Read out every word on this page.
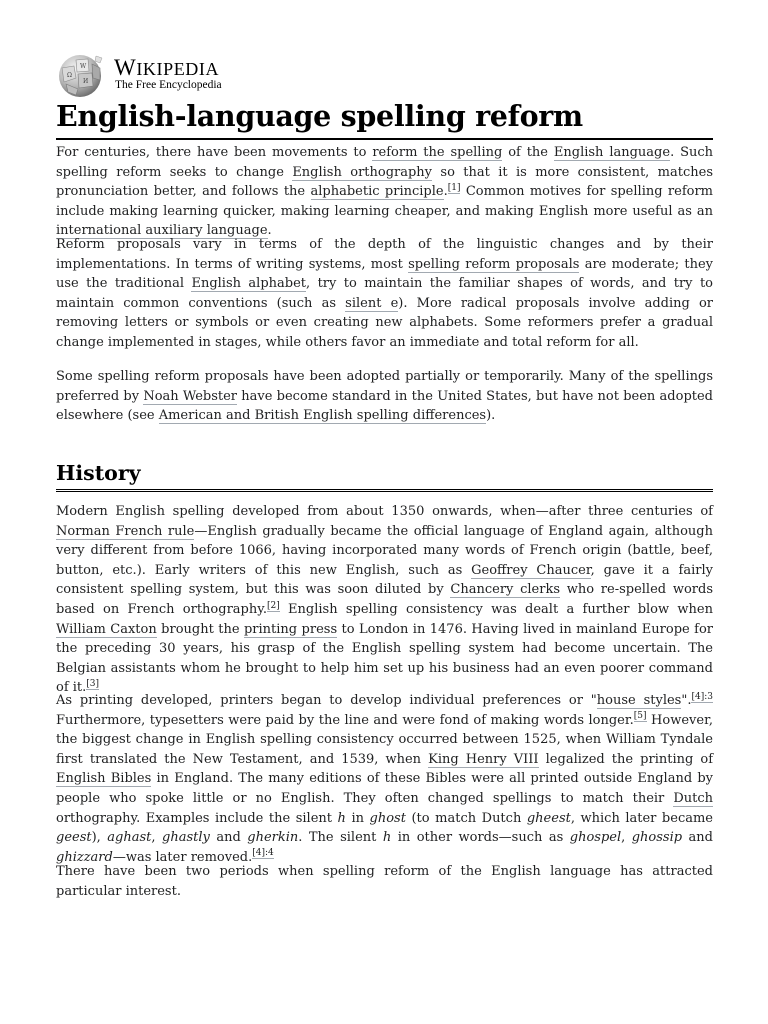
Ω
W
И
WIKIPEDIA
The Free Encyclopedia
English-language spelling reform

For centuries, there have been movements to reform the spelling of the English language. Such spelling reform seeks to change English orthography so that it is more consistent, matches pronunciation better, and follows the alphabetic principle.[1] Common motives for spelling reform include making learning quicker, making learning cheaper, and making English more useful as an international auxiliary language.

Reform proposals vary in terms of the depth of the linguistic changes and by their implementations. In terms of writing systems, most spelling reform proposals are moderate; they use the traditional English alphabet, try to maintain the familiar shapes of words, and try to maintain common conventions (such as silent e). More radical proposals involve adding or removing letters or symbols or even creating new alphabets. Some reformers prefer a gradual change implemented in stages, while others favor an immediate and total reform for all.

Some spelling reform proposals have been adopted partially or temporarily. Many of the spellings preferred by Noah Webster have become standard in the United States, but have not been adopted elsewhere (see American and British English spelling differences).

History

Modern English spelling developed from about 1350 onwards, when—after three centuries of Norman French rule—English gradually became the official language of England again, although very different from before 1066, having incorporated many words of French origin (battle, beef, button, etc.). Early writers of this new English, such as Geoffrey Chaucer, gave it a fairly consistent spelling system, but this was soon diluted by Chancery clerks who re-spelled words based on French orthography.[2] English spelling consistency was dealt a further blow when William Caxton brought the printing press to London in 1476. Having lived in mainland Europe for the preceding 30 years, his grasp of the English spelling system had become uncertain. The Belgian assistants whom he brought to help him set up his business had an even poorer command of it.[3]

As printing developed, printers began to develop individual preferences or "house styles".$^{[4]:3}$ Furthermore, typesetters were paid by the line and were fond of making words longer.[5] However, the biggest change in English spelling consistency occurred between 1525, when William Tyndale first translated the New Testament, and 1539, when King Henry VIII legalized the printing of English Bibles in England. The many editions of these Bibles were all printed outside England by people who spoke little or no English. They often changed spellings to match their Dutch orthography. Examples include the silent h in ghost (to match Dutch gheest, which later became geest), aghast, ghastly and gherkin. The silent h in other words—such as ghospel, ghossip and ghizzard—was later removed.$^{[4]:4}$

There have been two periods when spelling reform of the English language has attracted particular interest.
